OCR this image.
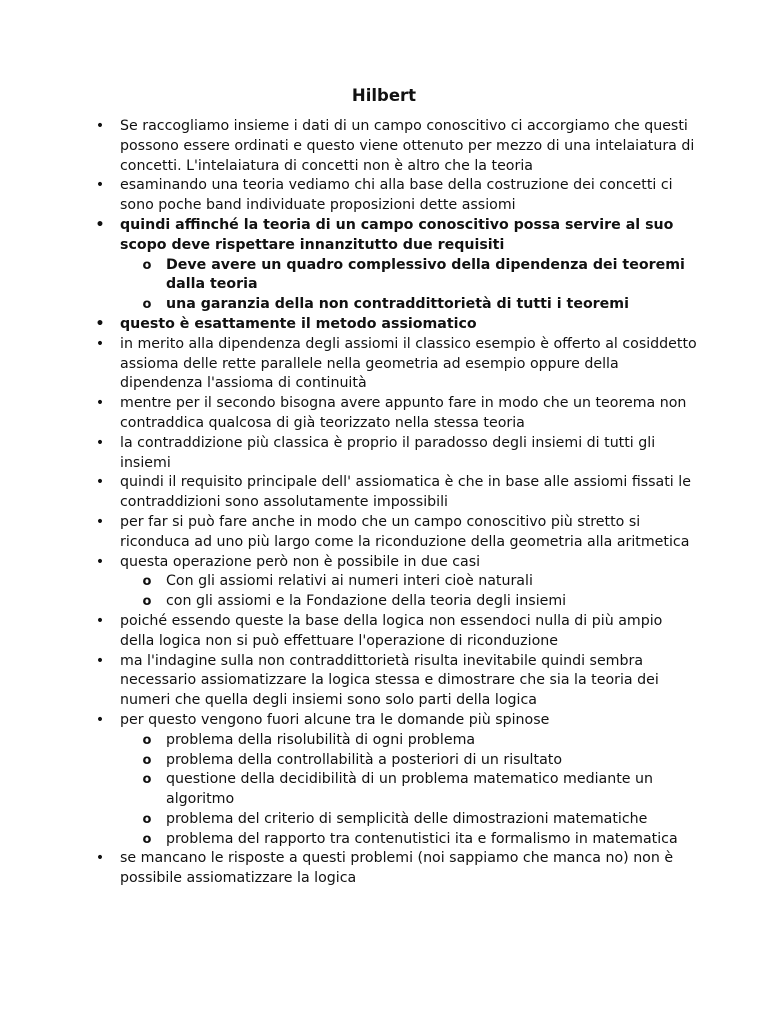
Hilbert
•
Se raccogliamo insieme i dati di un campo conoscitivo ci accorgiamo che questi possono essere ordinati e questo viene ottenuto per mezzo di una intelaiatura di concetti. L'intelaiatura di concetti non è altro che la teoria
•
esaminando una teoria vediamo chi alla base della costruzione dei concetti ci sono poche band individuate proposizioni dette assiomi
•
quindi affinché la teoria di un campo conoscitivo possa servire al suo scopo deve rispettare innanzitutto due requisiti
o
Deve avere un quadro complessivo della dipendenza dei teoremi dalla teoria
o
una garanzia della non contraddittorietà di tutti i teoremi
•
questo è esattamente il metodo assiomatico
•
in merito alla dipendenza degli assiomi il classico esempio è offerto al cosiddetto assioma delle rette parallele nella geometria ad esempio oppure della dipendenza l'assioma di continuità
•
mentre per il secondo bisogna avere appunto fare in modo che un teorema non contraddica qualcosa di già teorizzato nella stessa teoria
•
la contraddizione più classica è proprio il paradosso degli insiemi di tutti gli insiemi
•
quindi il requisito principale dell' assiomatica è che in base alle assiomi fissati le contraddizioni sono assolutamente impossibili
•
per far si può fare anche in modo che un campo conoscitivo più stretto si riconduca ad uno più largo come la riconduzione della geometria alla aritmetica
•
questa operazione però non è possibile in due casi
o
Con gli assiomi relativi ai numeri interi cioè naturali
o
con gli assiomi e la Fondazione della teoria degli insiemi
•
poiché essendo queste la base della logica non essendoci nulla di più ampio della logica non si può effettuare l'operazione di riconduzione
•
ma l'indagine sulla non contraddittorietà risulta inevitabile quindi sembra necessario assiomatizzare la logica stessa e dimostrare che sia la teoria dei numeri che quella degli insiemi sono solo parti della logica
•
per questo vengono fuori alcune tra le domande più spinose
o
problema della risolubilità di ogni problema
o
problema della controllabilità a posteriori di un risultato
o
questione della decidibilità di un problema matematico mediante un algoritmo
o
problema del criterio di semplicità delle dimostrazioni matematiche
o
problema del rapporto tra contenutistici ita e formalismo in matematica
•
se mancano le risposte a questi problemi (noi sappiamo che manca no) non è possibile assiomatizzare la logica
